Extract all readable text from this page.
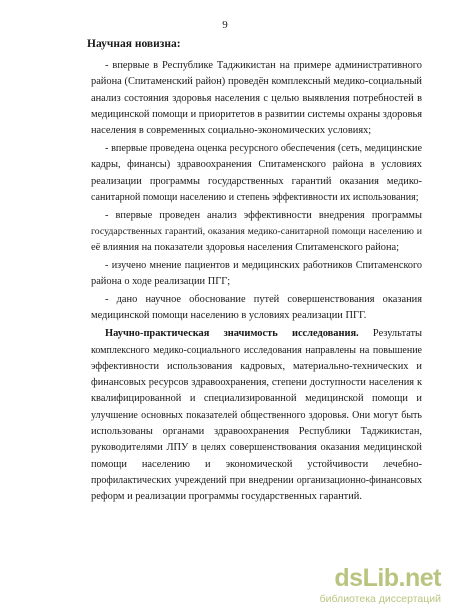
9
Научная новизна:
- впервые в Республике Таджикистан на примере административного
района (Спитаменский район) проведён комплексный медико-социальный
анализ состояния здоровья населения с целью выявления потребностей в
медицинской помощи и приоритетов в развитии системы охраны здоровья
населения в современных социально-экономических условиях;
- впервые проведена оценка ресурсного обеспечения (сеть, медицинские
кадры, финансы) здравоохранения Спитаменского района в условиях
реализации программы государственных гарантий оказания медико-
санитарной помощи населению и степень эффективности их использования;
- впервые проведен анализ эффективности внедрения программы
государственных гарантий, оказания медико-санитарной помощи населению и
её влияния на показатели здоровья населения Спитаменского района;
- изучено мнение пациентов и медицинских работников Спитаменского
района о ходе реализации ПГГ;
- дано научное обоснование путей совершенствования оказания
медицинской помощи населению в условиях реализации ПГГ.
Научно-практическая значимость исследования. Результаты
комплексного медико-социального исследования направлены на повышение
эффективности использования кадровых, материально-технических и
финансовых ресурсов здравоохранения, степени доступности населения к
квалифицированной и специализированной медицинской помощи и
улучшение основных показателей общественного здоровья. Они могут быть
использованы органами здравоохранения Республики Таджикистан,
руководителями ЛПУ в целях совершенствования оказания медицинской
помощи населению и экономической устойчивости лечебно-
профилактических учреждений при внедрении организационно-финансовых
реформ и реализации программы государственных гарантий.
dsLib.net
библиотека диссертаций
